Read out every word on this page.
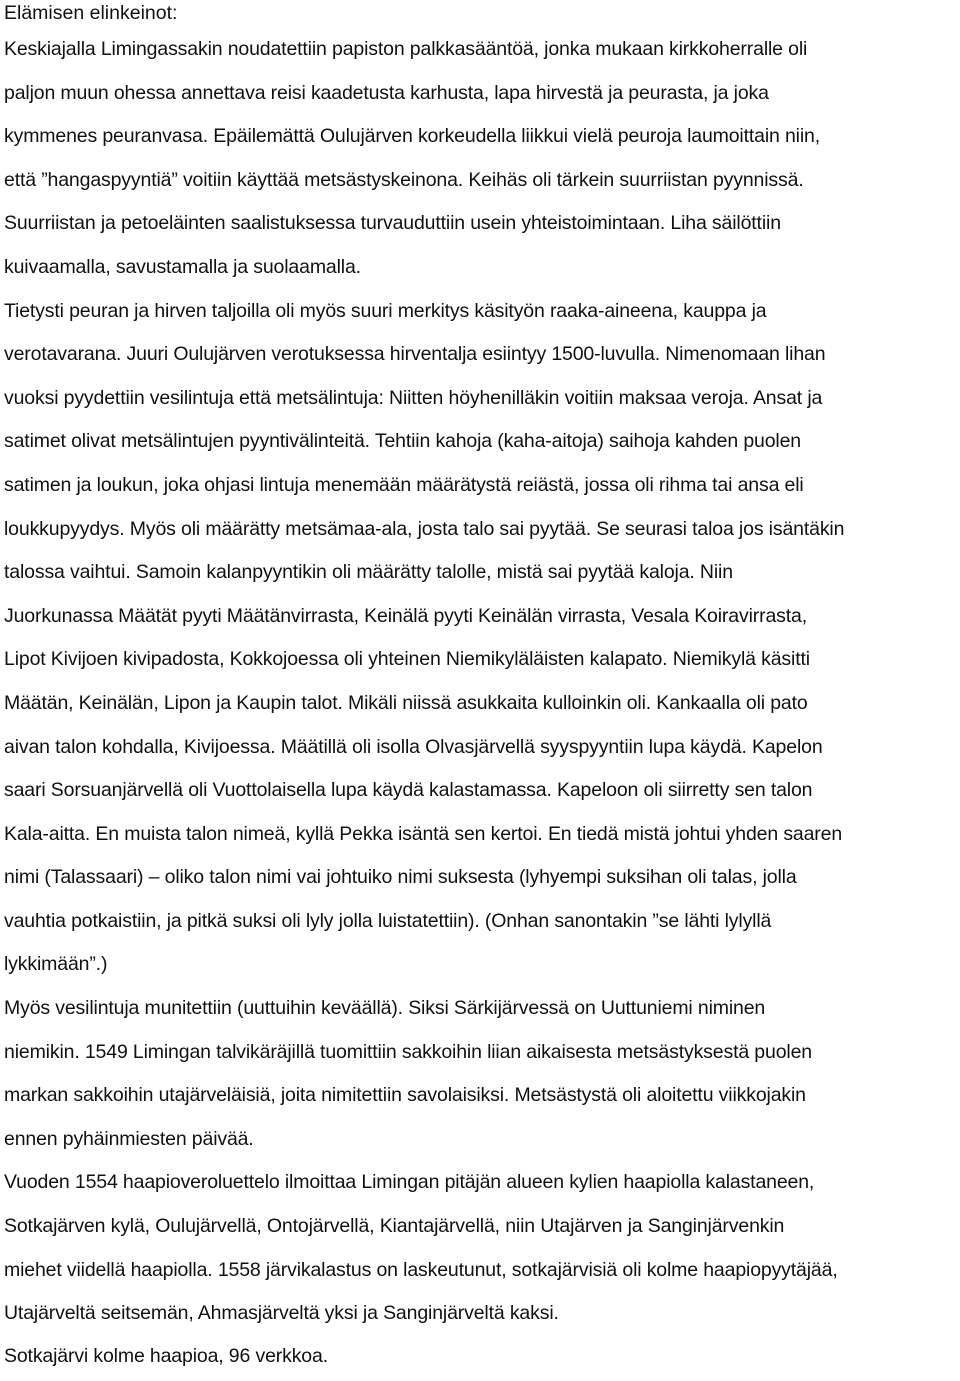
Elämisen elinkeinot:

Keskiajalla Limingassakin noudatettiin papiston palkkasääntöä, jonka mukaan kirkkoherralle oli
paljon muun ohessa annettava reisi kaadetusta karhusta, lapa hirvestä ja peurasta, ja joka
kymmenes peuranvasa. Epäilemättä Oulujärven korkeudella liikkui vielä peuroja laumoittain niin,
että ”hangaspyyntiä” voitiin käyttää metsästyskeinona. Keihäs oli tärkein suurriistan pyynnissä.
Suurriistan ja petoeläinten saalistuksessa turvauduttiin usein yhteistoimintaan. Liha säilöttiin
kuivaamalla, savustamalla ja suolaamalla.
Tietysti peuran ja hirven taljoilla oli myös suuri merkitys käsityön raaka-aineena, kauppa ja
verotavarana. Juuri Oulujärven verotuksessa hirventalja esiintyy 1500-luvulla. Nimenomaan lihan
vuoksi pyydettiin vesilintuja että metsälintuja: Niitten höyhenilläkin voitiin maksaa veroja. Ansat ja
satimet olivat metsälintujen pyyntivälinteitä. Tehtiin kahoja (kaha-aitoja) saihoja kahden puolen
satimen ja loukun, joka ohjasi lintuja menemään määrätystä reiästä, jossa oli rihma tai ansa eli
loukkupyydys. Myös oli määrätty metsämaa-ala, josta talo sai pyytää. Se seurasi taloa jos isäntäkin
talossa vaihtui. Samoin kalanpyyntikin oli määrätty talolle, mistä sai pyytää kaloja. Niin
Juorkunassa Määtät pyyti Määtänvirrasta, Keinälä pyyti Keinälän virrasta, Vesala Koiravirrasta,
Lipot Kivijoen kivipadosta, Kokkojoessa oli yhteinen Niemikyläläisten kalapato. Niemikylä käsitti
Määtän, Keinälän, Lipon ja Kaupin talot. Mikäli niissä asukkaita kulloinkin oli. Kankaalla oli pato
aivan talon kohdalla, Kivijoessa. Määtillä oli isolla Olvasjärvellä syyspyyntiin lupa käydä. Kapelon
saari Sorsuanjärvellä oli Vuottolaisella lupa käydä kalastamassa. Kapeloon oli siirretty sen talon
Kala-aitta. En muista talon nimeä, kyllä Pekka isäntä sen kertoi. En tiedä mistä johtui yhden saaren
nimi (Talassaari) – oliko talon nimi vai johtuiko nimi suksesta (lyhyempi suksihan oli talas, jolla
vauhtia potkaistiin, ja pitkä suksi oli lyly jolla luistatettiin). (Onhan sanontakin ”se lähti lylyllä
lykkimään”.)
Myös vesilintuja munitettiin (uuttuihin keväällä). Siksi Särkijärvessä on Uuttuniemi niminen
niemikin. 1549 Limingan talvikäräjillä tuomittiin sakkoihin liian aikaisesta metsästyksestä puolen
markan sakkoihin utajärveläisiä, joita nimitettiin savolaisiksi. Metsästystä oli aloitettu viikkojakin
ennen pyhäinmiesten päivää.
Vuoden 1554 haapioveroluettelo ilmoittaa Limingan pitäjän alueen kylien haapiolla kalastaneen,
Sotkajärven kylä, Oulujärvellä, Ontojärvellä, Kiantajärvellä, niin Utajärven ja Sanginjärvenkin
miehet viidellä haapiolla. 1558 järvikalastus on laskeutunut, sotkajärvisiä oli kolme haapiopyytäjää,
Utajärveltä seitsemän, Ahmasjärveltä yksi ja Sanginjärveltä kaksi.
Sotkajärvi kolme haapioa, 96 verkkoa.
